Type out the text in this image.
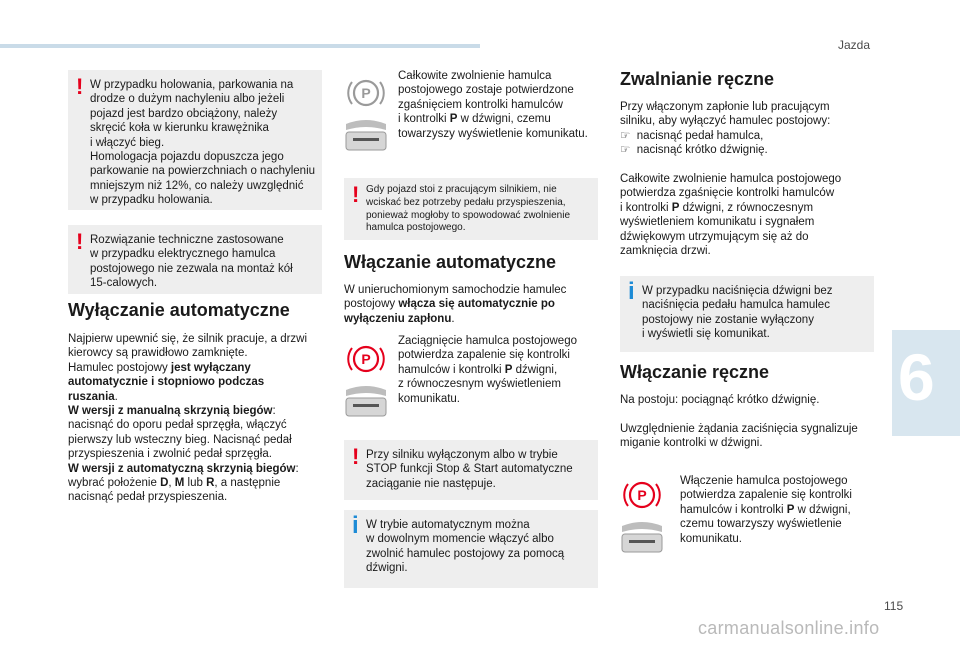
Jazda
6
! W przypadku holowania, parkowania na

drodze o dużym nachyleniu albo jeżeli

pojazd jest bardzo obciążony, należy

skręcić koła w kierunku krawężnika

i włączyć bieg.

Homologacja pojazdu dopuszcza jego

parkowanie na powierzchniach o nachyleniu

mniejszym niż 12%, co należy uwzględnić

w przypadku holowania.

! Rozwiązanie techniczne zastosowane

w przypadku elektrycznego hamulca

postojowego nie zezwala na montaż kół

15-calowych.

Wyłączanie automatyczne

Najpierw upewnić się, że silnik pracuje, a drzwi

kierowcy są prawidłowo zamknięte.

Hamulec postojowy jest wyłączany

automatycznie i stopniowo podczas

ruszania.

W wersji z manualną skrzynią biegów:

nacisnąć do oporu pedał sprzęgła, włączyć

pierwszy lub wsteczny bieg. Nacisnąć pedał

przyspieszenia i zwolnić pedał sprzęgła.

W wersji z automatyczną skrzynią biegów:

wybrać położenie D, M lub R, a następnie

nacisnąć pedał przyspieszenia.

P

Całkowite zwolnienie hamulca

postojowego zostaje potwierdzone

zgaśnięciem kontrolki hamulców

i kontrolki P w dźwigni, czemu

towarzyszy wyświetlenie komunikatu.

! Gdy pojazd stoi z pracującym silnikiem, nie

wciskać bez potrzeby pedału przyspieszenia,

ponieważ mogłoby to spowodować zwolnienie

hamulca postojowego.

Włączanie automatyczne

W unieruchomionym samochodzie hamulec

postojowy włącza się automatycznie po

wyłączeniu zapłonu.

P

Zaciągnięcie hamulca postojowego

potwierdza zapalenie się kontrolki

hamulców i kontrolki P dźwigni,

z równoczesnym wyświetleniem

komunikatu.

! Przy silniku wyłączonym albo w trybie

STOP funkcji Stop & Start automatyczne

zaciąganie nie następuje.

i W trybie automatycznym można

w dowolnym momencie włączyć albo

zwolnić hamulec postojowy za pomocą

dźwigni.

Zwalnianie ręczne

Przy włączonym zapłonie lub pracującym

silniku, aby wyłączyć hamulec postojowy:

☞ nacisnąć pedał hamulca,

☞ nacisnąć krótko dźwignię.

Całkowite zwolnienie hamulca postojowego

potwierdza zgaśnięcie kontrolki hamulców

i kontrolki P dźwigni, z równoczesnym

wyświetleniem komunikatu i sygnałem

dźwiękowym utrzymującym się aż do

zamknięcia drzwi.

i W przypadku naciśnięcia dźwigni bez

naciśnięcia pedału hamulca hamulec

postojowy nie zostanie wyłączony

i wyświetli się komunikat.

Włączanie ręczne

Na postoju: pociągnąć krótko dźwignię.

Uwzględnienie żądania zaciśnięcia sygnalizuje

miganie kontrolki w dźwigni.

P

Włączenie hamulca postojowego

potwierdza zapalenie się kontrolki

hamulców i kontrolki P w dźwigni,

czemu towarzyszy wyświetlenie

komunikatu.

115
carmanualsonline.info
